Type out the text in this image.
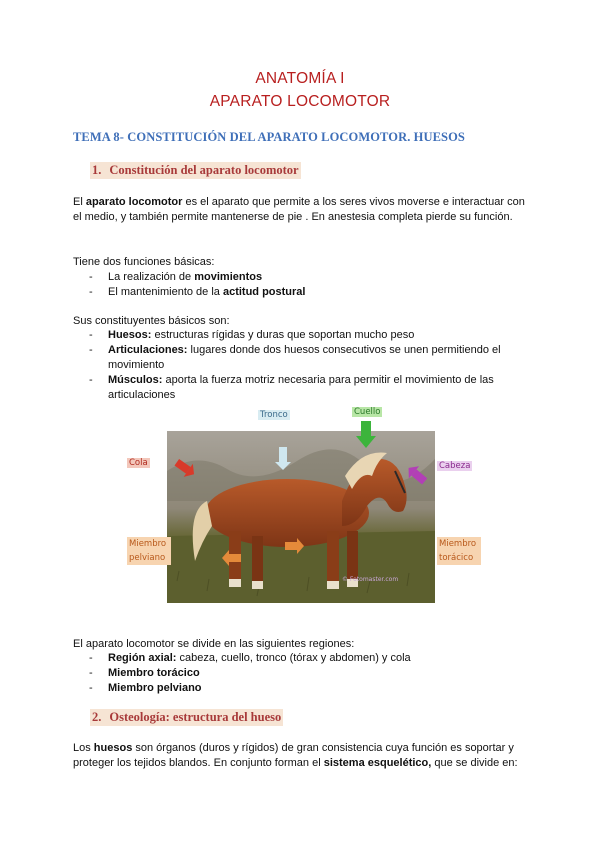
ANATOMÍA I
APARATO LOCOMOTOR
TEMA 8- CONSTITUCIÓN DEL APARATO LOCOMOTOR. HUESOS
1. Constitución del aparato locomotor
El aparato locomotor es el aparato que permite a los seres vivos moverse e interactuar con el medio, y también permite mantenerse de pie . En anestesia completa pierde su función.
Tiene dos funciones básicas:
- La realización de movimientos
- El mantenimiento de la actitud postural
Sus constituyentes básicos son:
- Huesos: estructuras rígidas y duras que soportan mucho peso
- Articulaciones: lugares donde dos huesos consecutivos se unen permitiendo el movimiento
- Músculos: aporta la fuerza motriz necesaria para permitir el movimiento de las articulaciones
© Fotomaster.com
Tronco	Cuello
Cola	Cabeza
Miembro pelviano
Miembro torácico
El aparato locomotor se divide en las siguientes regiones:
- Región axial: cabeza, cuello, tronco (tórax y abdomen) y cola
- Miembro torácico
- Miembro pelviano
2. Osteología: estructura del hueso
Los huesos son órganos (duros y rígidos) de gran consistencia cuya función es soportar y proteger los tejidos blandos. En conjunto forman el sistema esquelético, que se divide en:
